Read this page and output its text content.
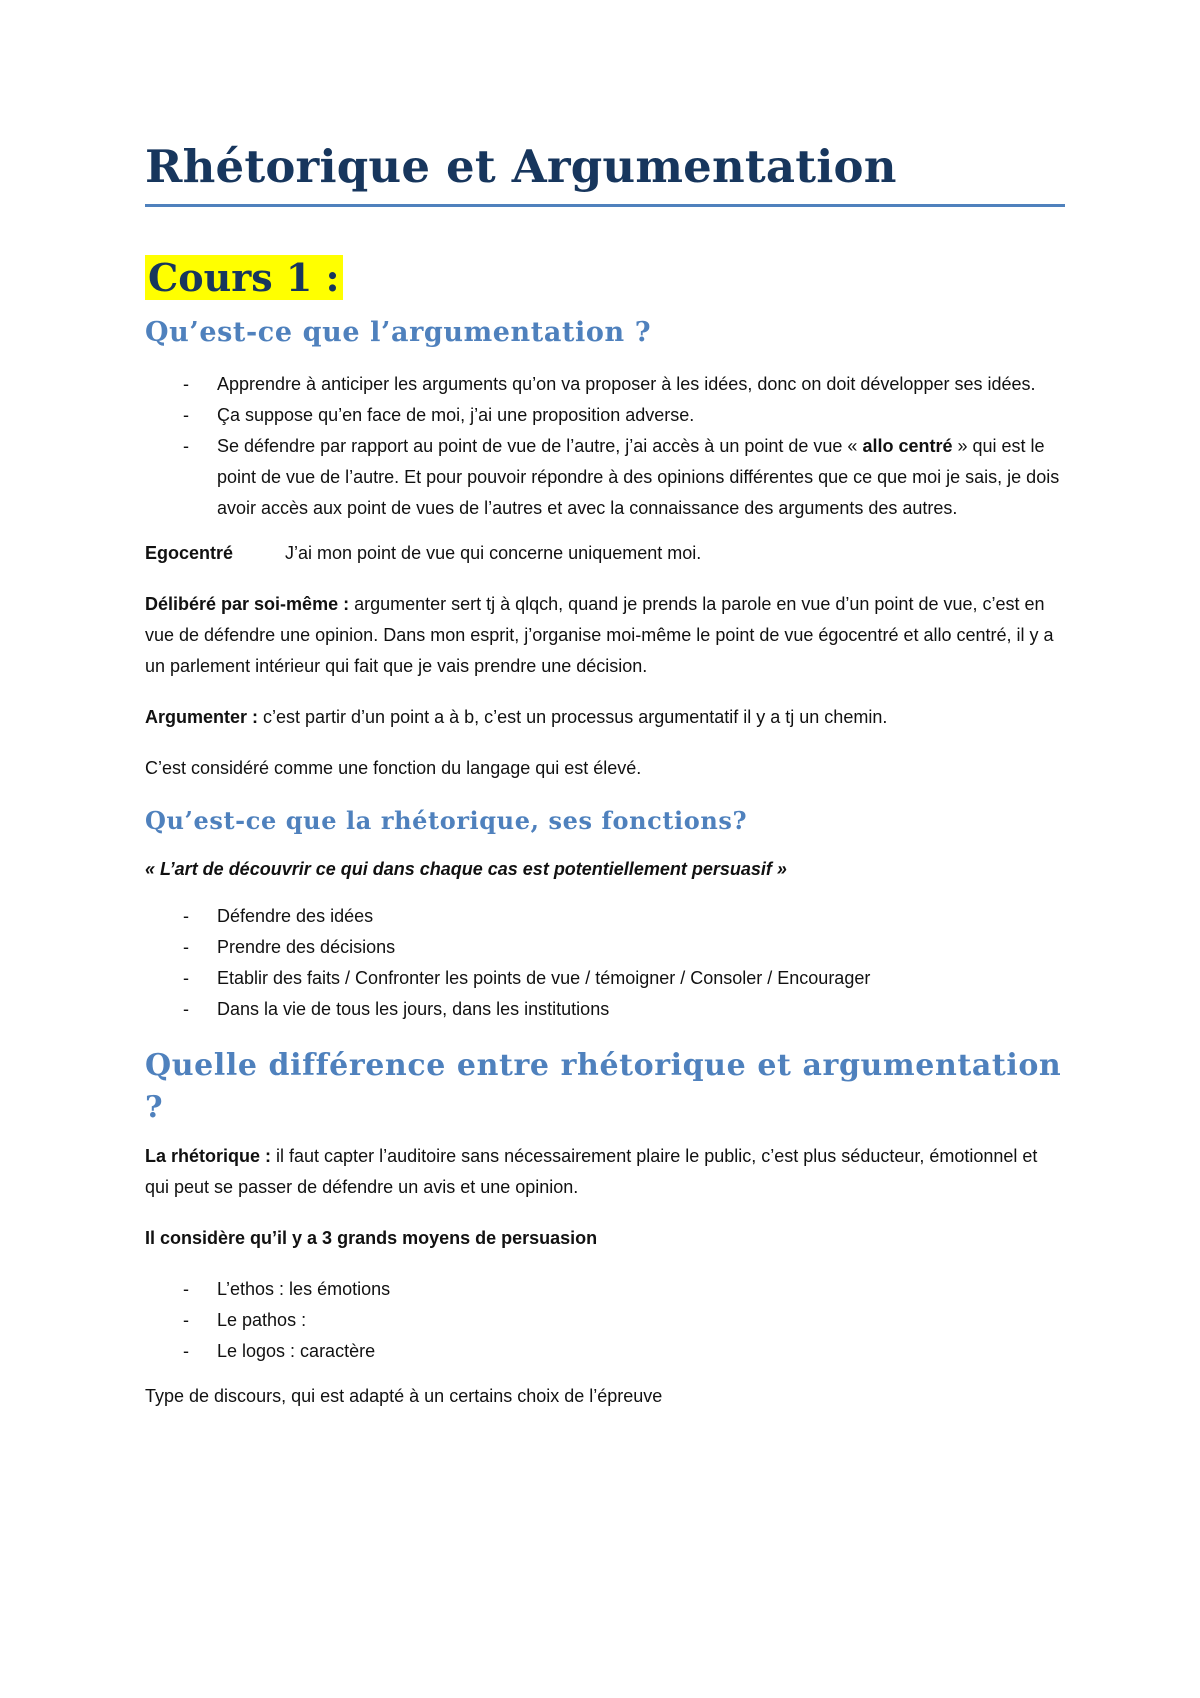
Rhétorique et Argumentation
Cours 1 :
Qu’est-ce que l’argumentation ?
- Apprendre à anticiper les arguments qu’on va proposer à les idées, donc on doit développer ses idées.
- Ça suppose qu’en face de moi, j’ai une proposition adverse.
- Se défendre par rapport au point de vue de l’autre, j’ai accès à un point de vue « allo centré » qui est le point de vue de l’autre. Et pour pouvoir répondre à des opinions différentes que ce que moi je sais, je dois avoir accès aux point de vues de l’autres et avec la connaissance des arguments des autres.
Egocentré	J’ai mon point de vue qui concerne uniquement moi.

Délibéré par soi-même : argumenter sert tj à qlqch, quand je prends la parole en vue d’un point de vue, c’est en vue de défendre une opinion. Dans mon esprit, j’organise moi-même le point de vue égocentré et allo centré, il y a un parlement intérieur qui fait que je vais prendre une décision.

Argumenter : c’est partir d’un point a à b, c’est un processus argumentatif il y a tj un chemin.

C’est considéré comme une fonction du langage qui est élevé.

Qu’est-ce que la rhétorique, ses fonctions?
« L’art de découvrir ce qui dans chaque cas est potentiellement persuasif »
- Défendre des idées
- Prendre des décisions
- Etablir des faits / Confronter les points de vue / témoigner / Consoler / Encourager
- Dans la vie de tous les jours, dans les institutions
Quelle différence entre rhétorique et argumentation ?

La rhétorique : il faut capter l’auditoire sans nécessairement plaire le public, c’est plus séducteur, émotionnel et qui peut se passer de défendre un avis et une opinion.

Il considère qu’il y a 3 grands moyens de persuasion

- L’ethos : les émotions
- Le pathos :
- Le logos : caractère

Type de discours, qui est adapté à un certains choix de l’épreuve
